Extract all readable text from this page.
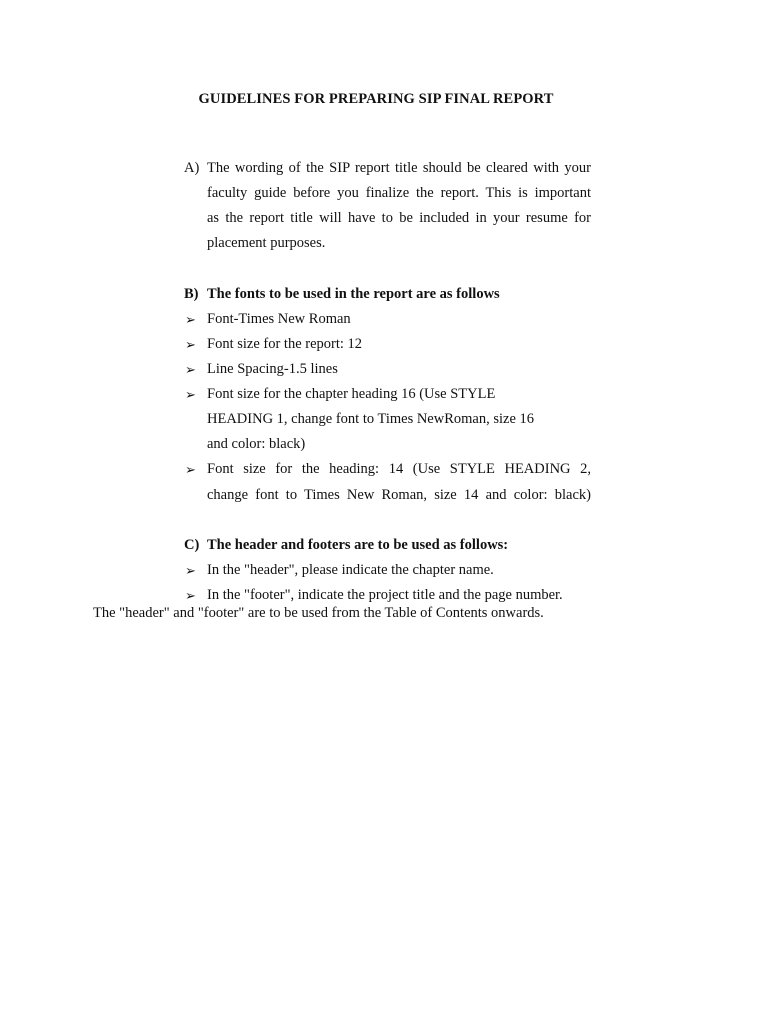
GUIDELINES FOR PREPARING SIP FINAL REPORT
A) The wording of the SIP report title should be cleared with your
faculty guide before you finalize the report. This is important
as the report title will have to be included in your resume for
placement purposes.
B) The fonts to be used in the report are as follows
➢ Font-Times New Roman
➢ Font size for the report: 12
➢ Line Spacing-1.5 lines
➢ Font size for the chapter heading 16 (Use STYLE
HEADING 1, change font to Times NewRoman, size 16
and color: black)
➢ Font size for the heading: 14 (Use STYLE HEADING 2,
change font to Times New Roman, size 14 and color: black)
C) The header and footers are to be used as follows:
➢ In the "header", please indicate the chapter name.
➢ In the "footer", indicate the project title and the page number.
The "header" and "footer" are to be used from the Table of Contents onwards.
